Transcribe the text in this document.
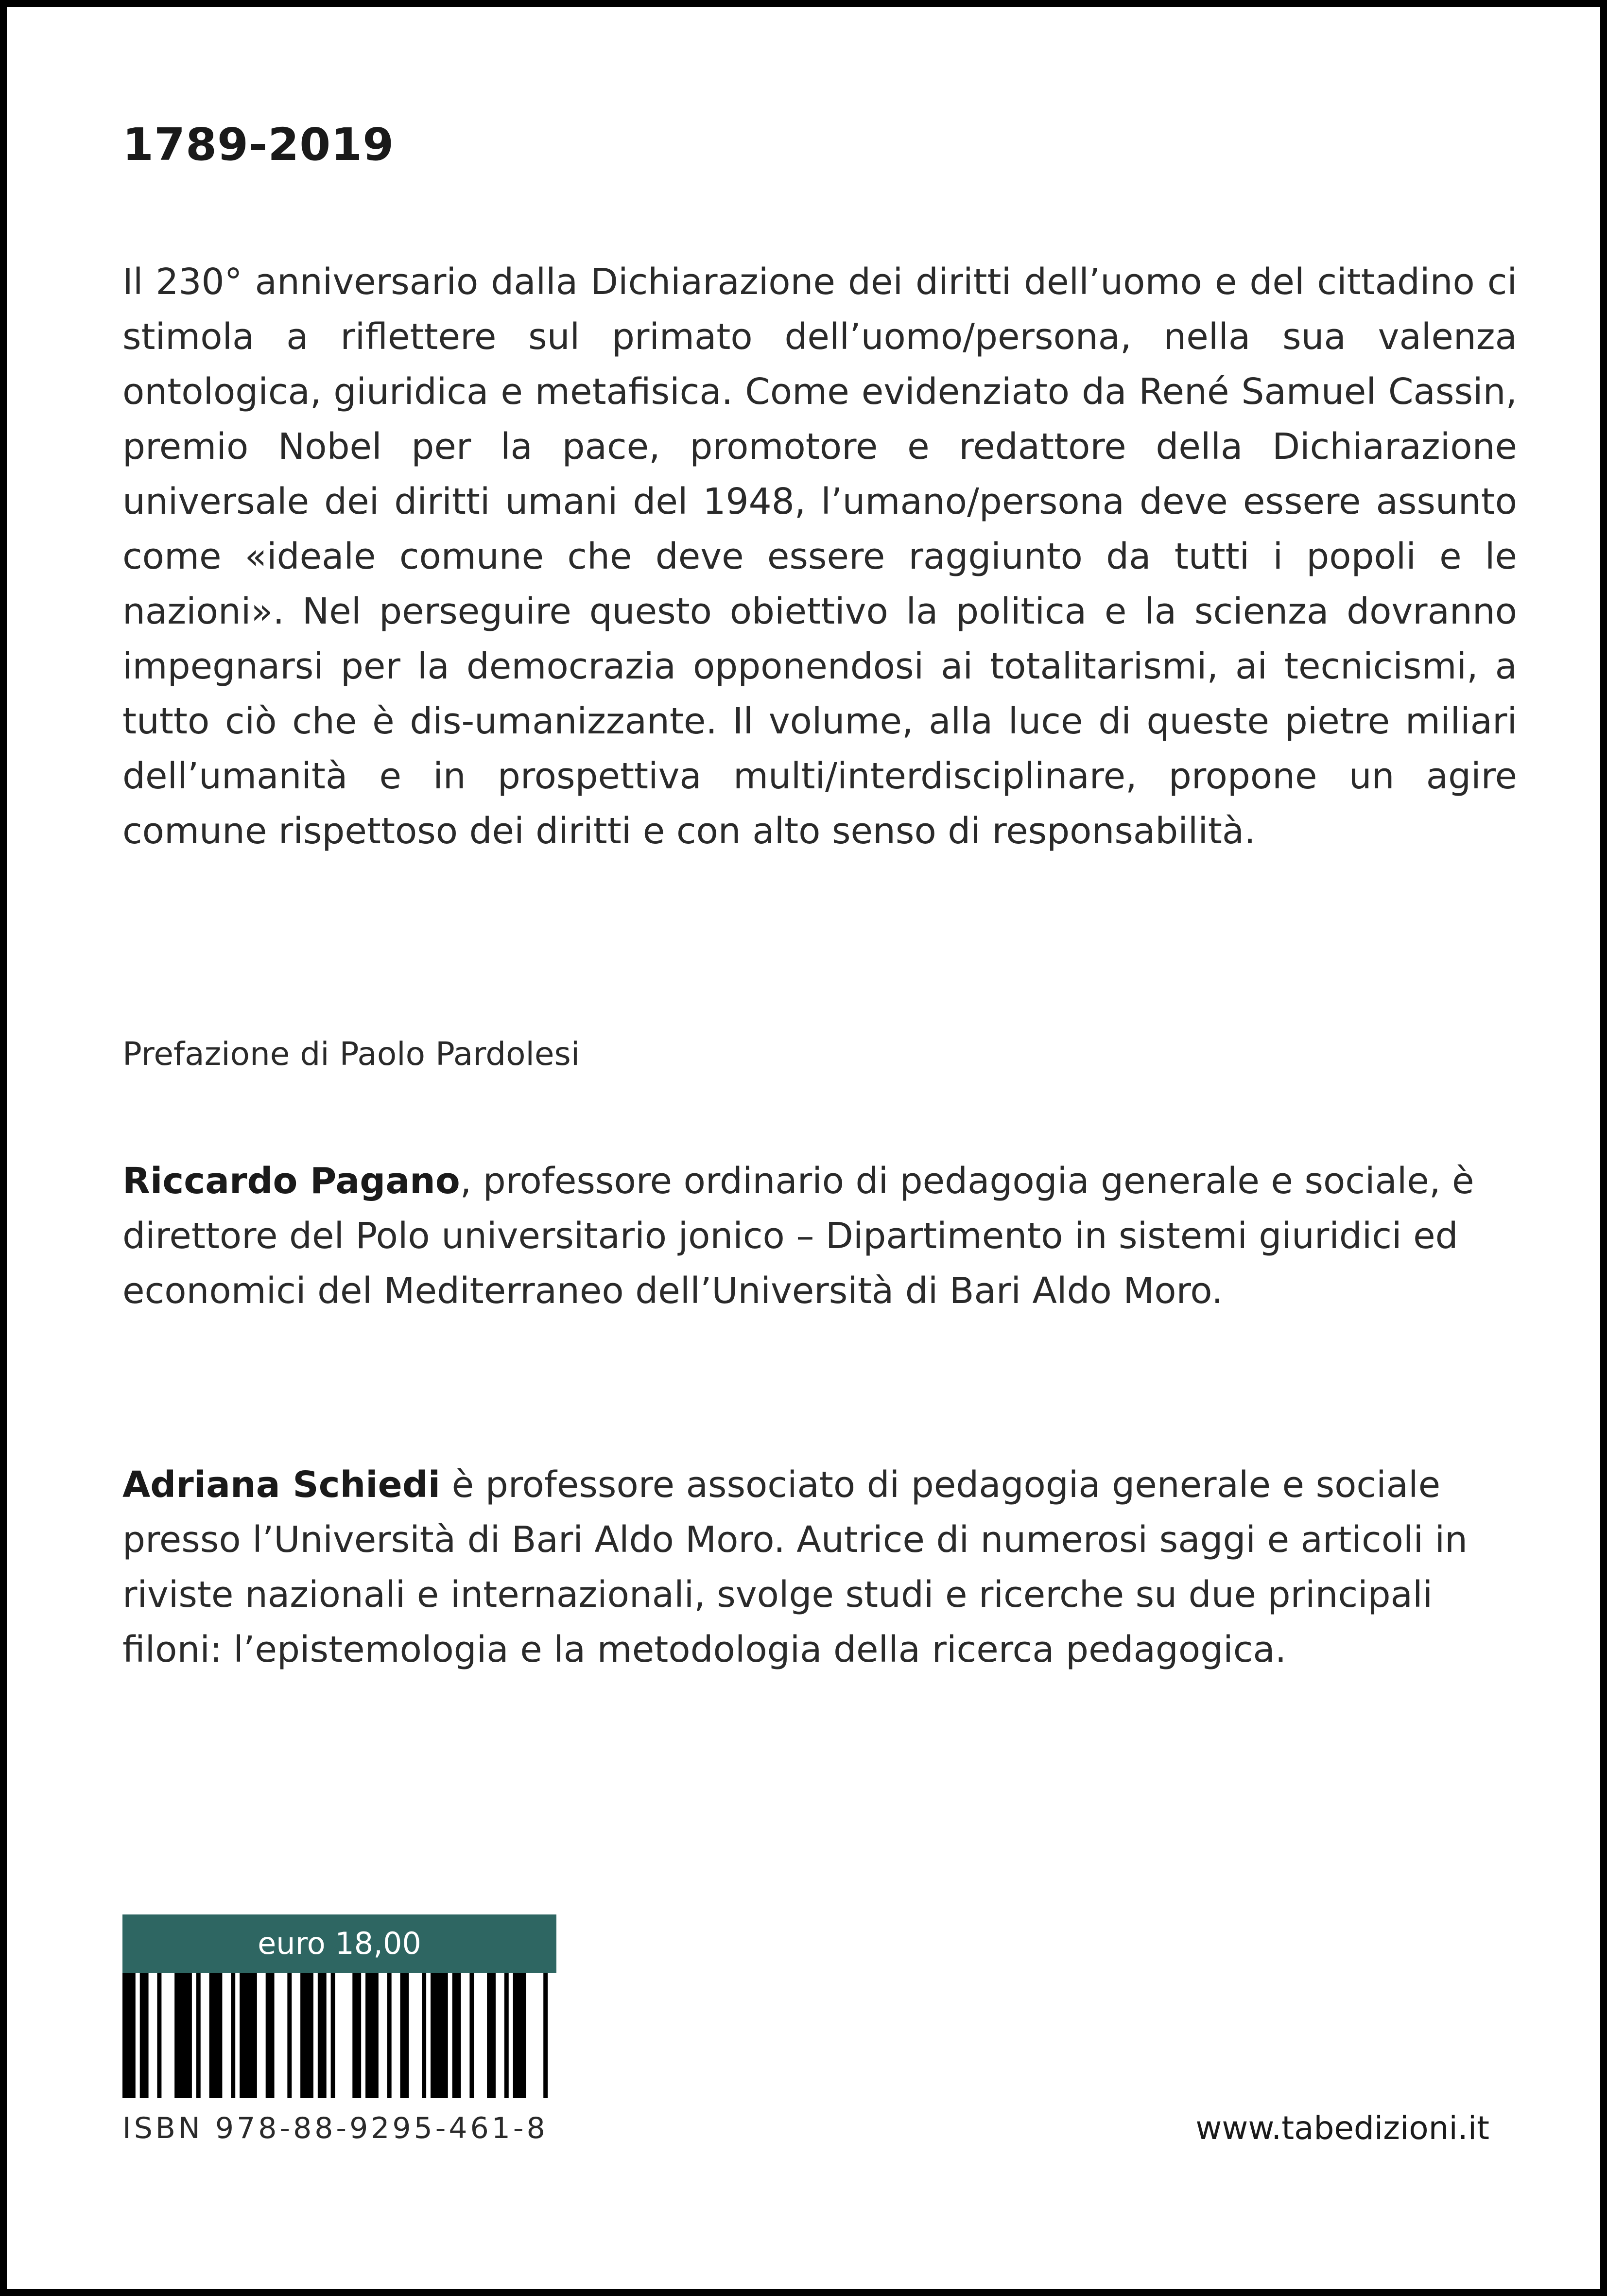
1789-2019

Il 230° anniversario dalla Dichiarazione dei diritti dell’uomo e del cittadino ci stimola a riflettere sul primato dell’uomo/persona, nella sua valenza ontologica, giuridica e metafisica. Come evidenziato da René Samuel Cassin, premio Nobel per la pace, promotore e redattore della Dichiarazione universale dei diritti umani del 1948, l’umano/persona deve essere assunto come «ideale comune che deve essere raggiunto da tutti i popoli e le nazioni». Nel perseguire questo obiettivo la politica e la scienza dovranno impegnarsi per la democrazia opponendosi ai totalitarismi, ai tecnicismi, a tutto ciò che è dis-umanizzante. Il volume, alla luce di queste pietre miliari dell’umanità e in prospettiva multi/interdisciplinare, propone un agire comune rispettoso dei diritti e con alto senso di responsabilità.

Prefazione di Paolo Pardolesi

Riccardo Pagano, professore ordinario di pedagogia generale e sociale, è direttore del Polo universitario jonico – Dipartimento in sistemi giuridici ed economici del Mediterraneo dell’Università di Bari Aldo Moro.

Adriana Schiedi è professore associato di pedagogia generale e sociale presso l’Università di Bari Aldo Moro. Autrice di numerosi saggi e articoli in riviste nazionali e internazionali, svolge studi e ricerche su due principali filoni: l’epistemologia e la metodologia della ricerca pedagogica.

euro 18,00

ISBN 978-88-9295-461-8	www.tabedizioni.it
